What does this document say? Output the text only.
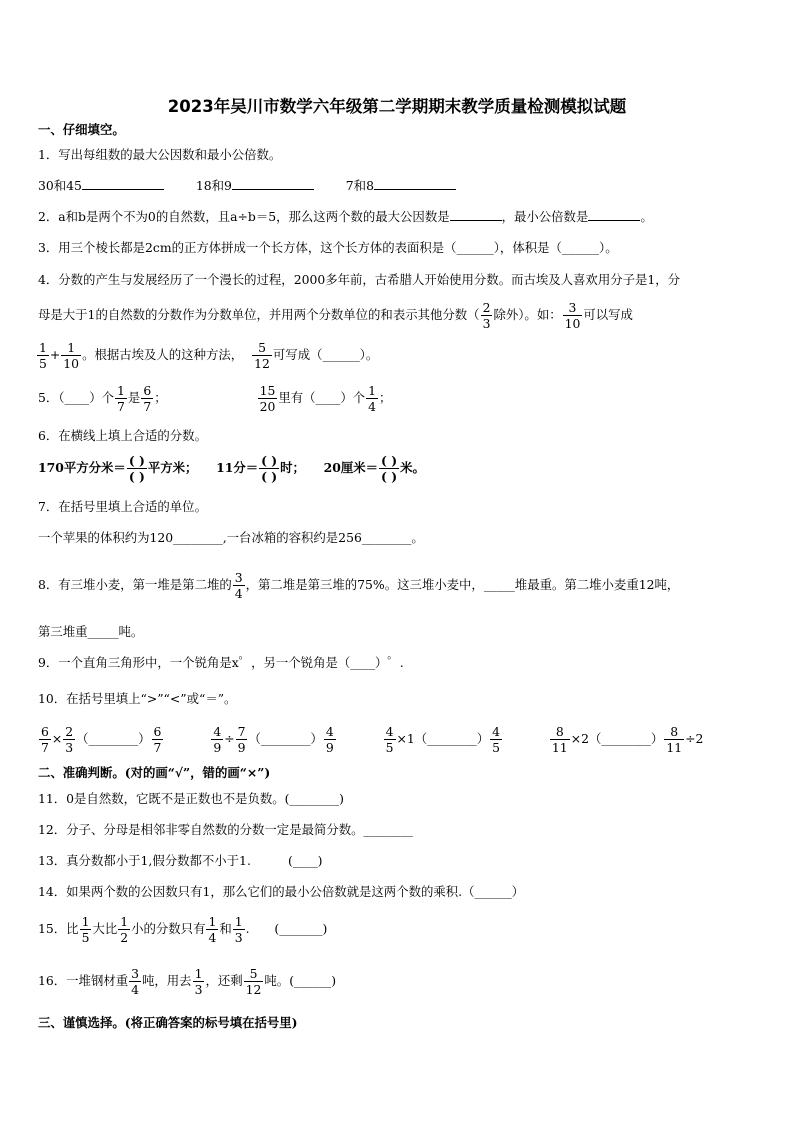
2023年吴川市数学六年级第二学期期末教学质量检测模拟试题
一、仔细填空。
1．写出每组数的最大公因数和最小公倍数。
30和45	18和9	7和8
2．a和b是两个不为0的自然数，且a÷b＝5，那么这两个数的最大公因数是	，最小公倍数是	。
3．用三个棱长都是2cm的正方体拼成一个长方体，这个长方体的表面积是（______），体积是（______）。
4．分数的产生与发展经历了一个漫长的过程，2000多年前，古希腊人开始使用分数。而古埃及人喜欢用分子是1，分
母是大于1的自然数的分数作为分数单位，并用两个分数单位的和表示其他分数（ $\frac{2}{3}$ 除外）。如： $\frac{3}{10}$ 可以写成
$\frac{1}{5} + \frac{1}{10}$ 。根据古埃及人的这种方法， $\frac{5}{12}$ 可写成（______）。
5．（____）个 $\frac{1}{7}$ 是 $\frac{6}{7}$ ；	$\frac{15}{20}$ 里有（____）个 $\frac{1}{4}$ ；
6．在横线上填上合适的分数。
170平方分米＝ ( )
( )
平方米； 11分＝ ( )
( )
时； 20厘米＝ ( )
( )
米。
7．在括号里填上合适的单位。
一个苹果的体积约为120________,一台冰箱的容积约是256________。
8．有三堆小麦，第一堆是第二堆的 $\frac{3}{4}$ ，第二堆是第三堆的75%。这三堆小麦中，_____堆最重。第二堆小麦重12吨，
第三堆重_____吨。
9．一个直角三角形中，一个锐角是x゜，另一个锐角是（____）゜.
10．在括号里填上“>”“<”或“＝”。
$\frac{6}{7} \times \frac{2}{3}$ （________） $\frac{6}{7}$
	$\frac{4}{9} \div \frac{7}{9}$ （________） $\frac{4}{9}$
	$\frac{4}{5}$ ×1（________） $\frac{4}{5}$
	$\frac{8}{11}$ ×2（________） $\frac{8}{11} \div 2$
二、准确判断。(对的画“√”，错的画“×”)
11．0是自然数，它既不是正数也不是负数。(________)
12．分子、分母是相邻非零自然数的分数一定是最简分数。________
13．真分数都小于1,假分数都不小于1.　　　(____)
14．如果两个数的公因数只有1，那么它们的最小公倍数就是这两个数的乘积.（______）
15．比 $\frac{1}{5}$ 大比 $\frac{1}{2}$ 小的分数只有 $\frac{1}{4}$ 和 $\frac{1}{3}$ .　　(_______)
16．一堆钢材重 $\frac{3}{4}$ 吨，用去 $\frac{1}{3}$ ，还剩 $\frac{5}{12}$ 吨。(______)
三、谨慎选择。(将正确答案的标号填在括号里)
